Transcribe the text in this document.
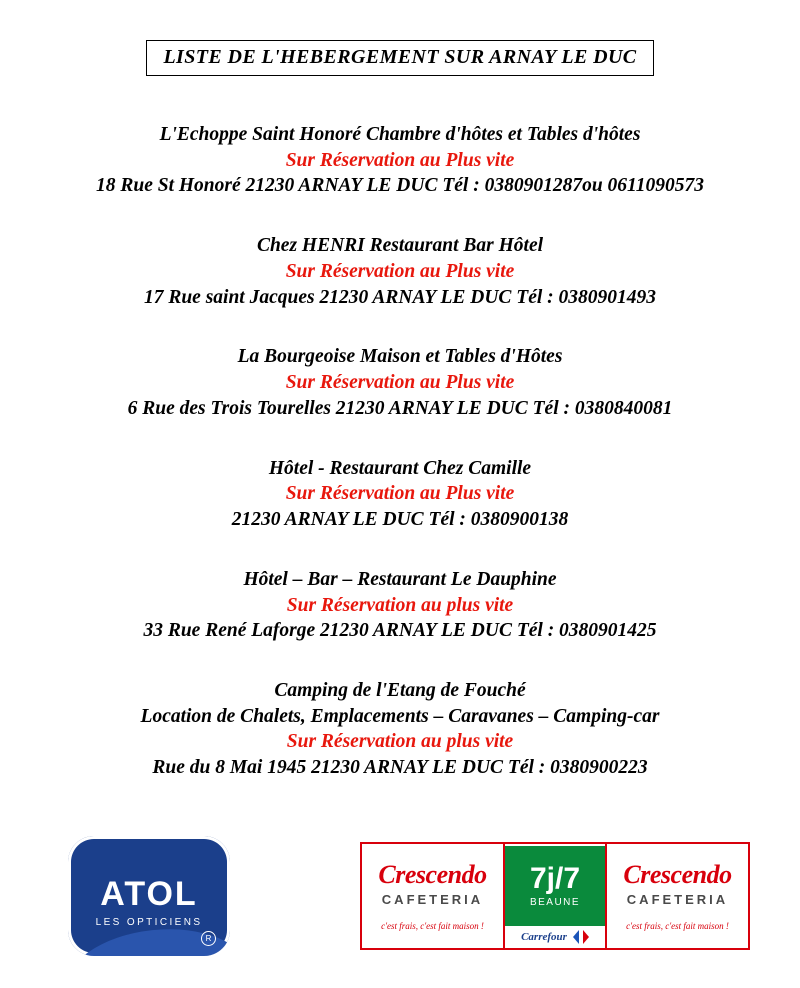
LISTE DE L'HEBERGEMENT SUR ARNAY LE DUC
L'Echoppe Saint Honoré Chambre d'hôtes et Tables d'hôtes
Sur Réservation au Plus vite
18 Rue St Honoré 21230 ARNAY LE DUC Tél : 0380901287ou 0611090573
Chez HENRI Restaurant Bar Hôtel
Sur Réservation au Plus vite
17 Rue saint Jacques 21230 ARNAY LE DUC Tél : 0380901493
La Bourgeoise Maison et Tables d'Hôtes
Sur Réservation au Plus vite
6 Rue des Trois Tourelles 21230 ARNAY LE DUC Tél : 0380840081
Hôtel - Restaurant Chez Camille
Sur Réservation au Plus vite
21230 ARNAY LE DUC Tél : 0380900138
Hôtel – Bar – Restaurant Le Dauphine
Sur Réservation au plus vite
33 Rue René Laforge 21230 ARNAY LE DUC Tél : 0380901425
Camping de l'Etang de Fouché
Location de Chalets, Emplacements – Caravanes – Camping-car
Sur Réservation au plus vite
Rue du 8 Mai 1945 21230 ARNAY LE DUC Tél : 0380900223
ATOL
LES OPTICIENS
R
Crescendo
CAFETERIA
c'est frais, c'est fait maison !
7j/7
BEAUNE
Carrefour
Crescendo
CAFETERIA
c'est frais, c'est fait maison !
